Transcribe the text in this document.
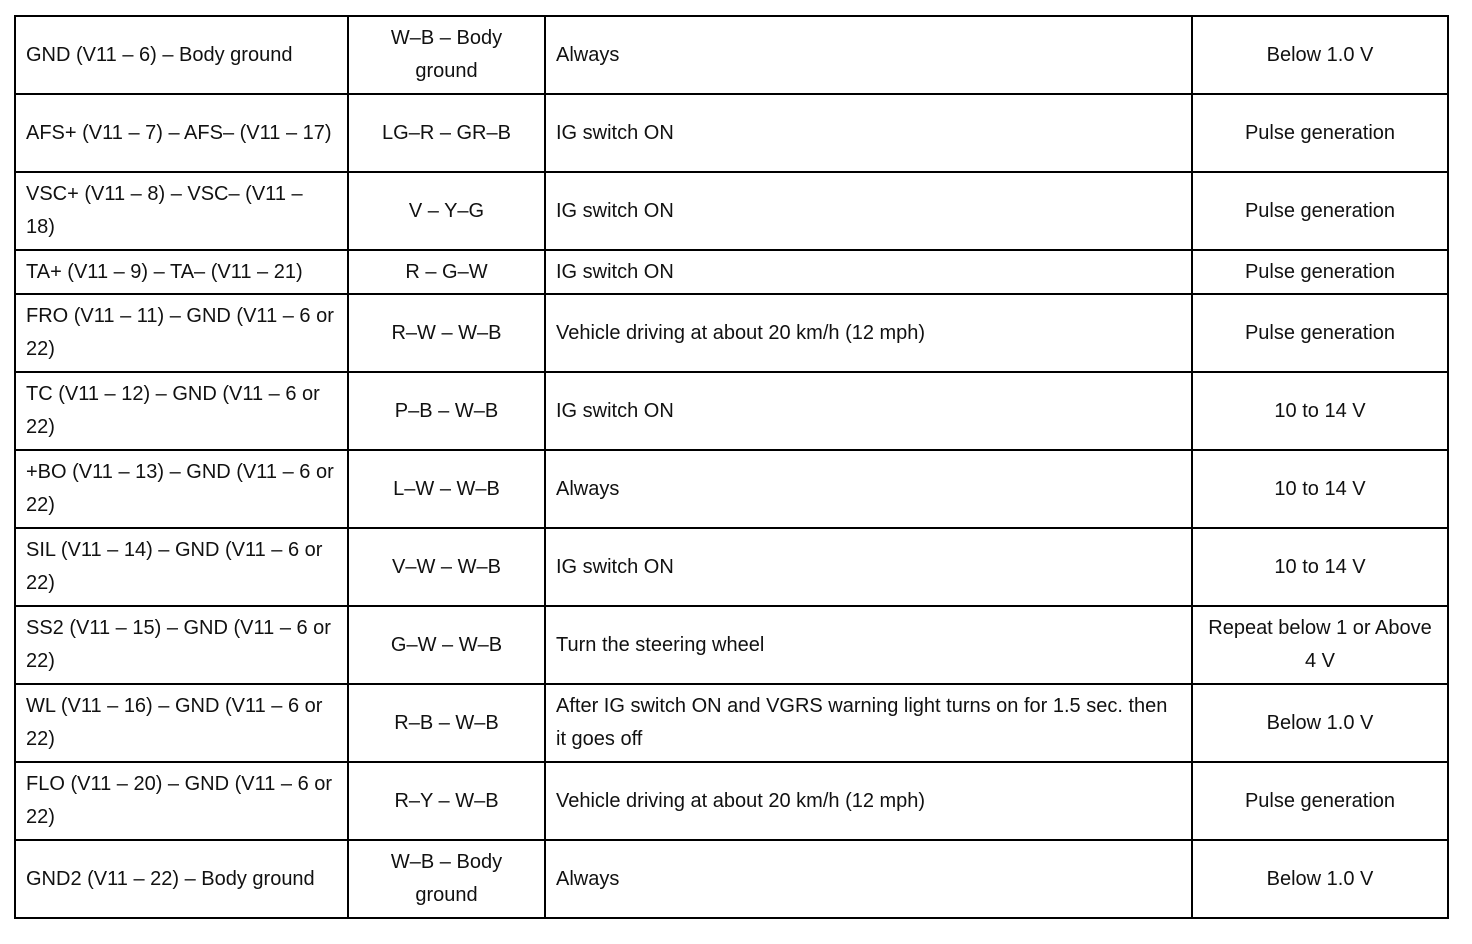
GND (V11 – 6) – Body ground	W–B – Body ground	Always	Below 1.0 V
AFS+ (V11 – 7) – AFS– (V11 – 17)	LG–R – GR–B	IG switch ON	Pulse generation
VSC+ (V11 – 8) – VSC– (V11 – 18)	V – Y–G	IG switch ON	Pulse generation
TA+ (V11 – 9) – TA– (V11 – 21)	R – G–W	IG switch ON	Pulse generation
FRO (V11 – 11) – GND (V11 – 6 or 22)	R–W – W–B	Vehicle driving at about 20 km/h (12 mph)	Pulse generation
TC (V11 – 12) – GND (V11 – 6 or 22)	P–B – W–B	IG switch ON	10 to 14 V
+BO (V11 – 13) – GND (V11 – 6 or 22)	L–W – W–B	Always	10 to 14 V
SIL (V11 – 14) – GND (V11 – 6 or 22)	V–W – W–B	IG switch ON	10 to 14 V
SS2 (V11 – 15) – GND (V11 – 6 or 22)	G–W – W–B	Turn the steering wheel	Repeat below 1 or Above 4 V
WL (V11 – 16) – GND (V11 – 6 or 22)	R–B – W–B	After IG switch ON and VGRS warning light turns on for 1.5 sec. then it goes off	Below 1.0 V
FLO (V11 – 20) – GND (V11 – 6 or 22)	R–Y – W–B	Vehicle driving at about 20 km/h (12 mph)	Pulse generation
GND2 (V11 – 22) – Body ground	W–B – Body ground	Always	Below 1.0 V
